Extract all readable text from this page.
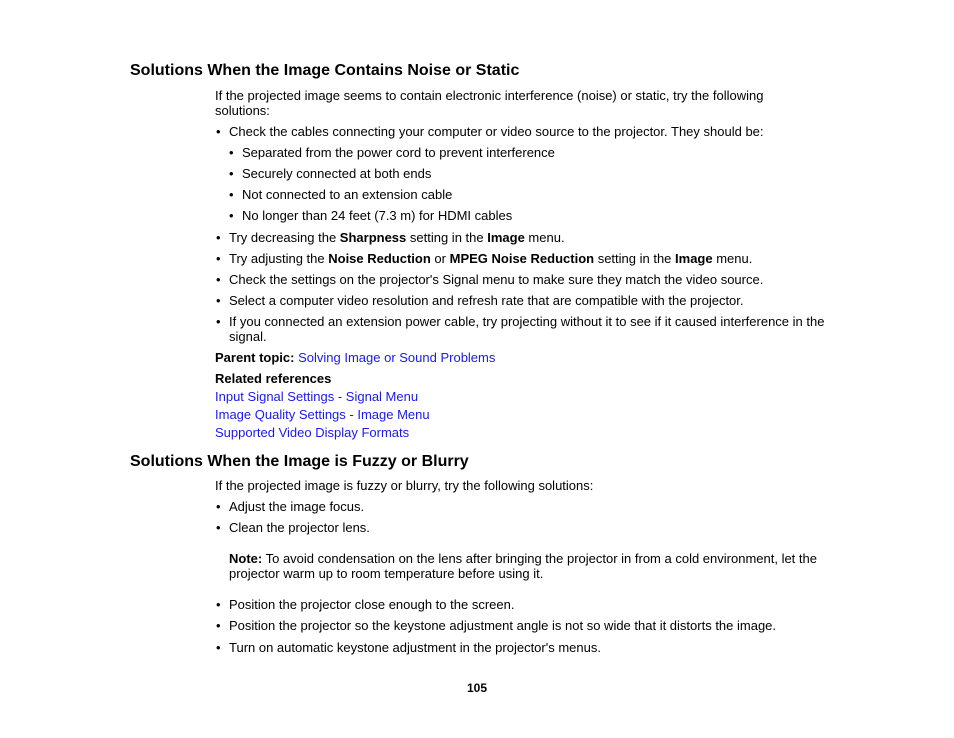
Solutions When the Image Contains Noise or Static

If the projected image seems to contain electronic interference (noise) or static, try the following solutions:

• Check the cables connecting your computer or video source to the projector. They should be:
• Separated from the power cord to prevent interference
• Securely connected at both ends
• Not connected to an extension cable
• No longer than 24 feet (7.3 m) for HDMI cables
• Try decreasing the Sharpness setting in the Image menu.
• Try adjusting the Noise Reduction or MPEG Noise Reduction setting in the Image menu.
• Check the settings on the projector's Signal menu to make sure they match the video source.
• Select a computer video resolution and refresh rate that are compatible with the projector.
• If you connected an extension power cable, try projecting without it to see if it caused interference in the signal.

Parent topic: Solving Image or Sound Problems

Related references

Input Signal Settings - Signal Menu
Image Quality Settings - Image Menu
Supported Video Display Formats
Solutions When the Image is Fuzzy or Blurry

If the projected image is fuzzy or blurry, try the following solutions:

• Adjust the image focus.
• Clean the projector lens.

Note: To avoid condensation on the lens after bringing the projector in from a cold environment, let the projector warm up to room temperature before using it.

• Position the projector close enough to the screen.
• Position the projector so the keystone adjustment angle is not so wide that it distorts the image.
• Turn on automatic keystone adjustment in the projector's menus.
105
